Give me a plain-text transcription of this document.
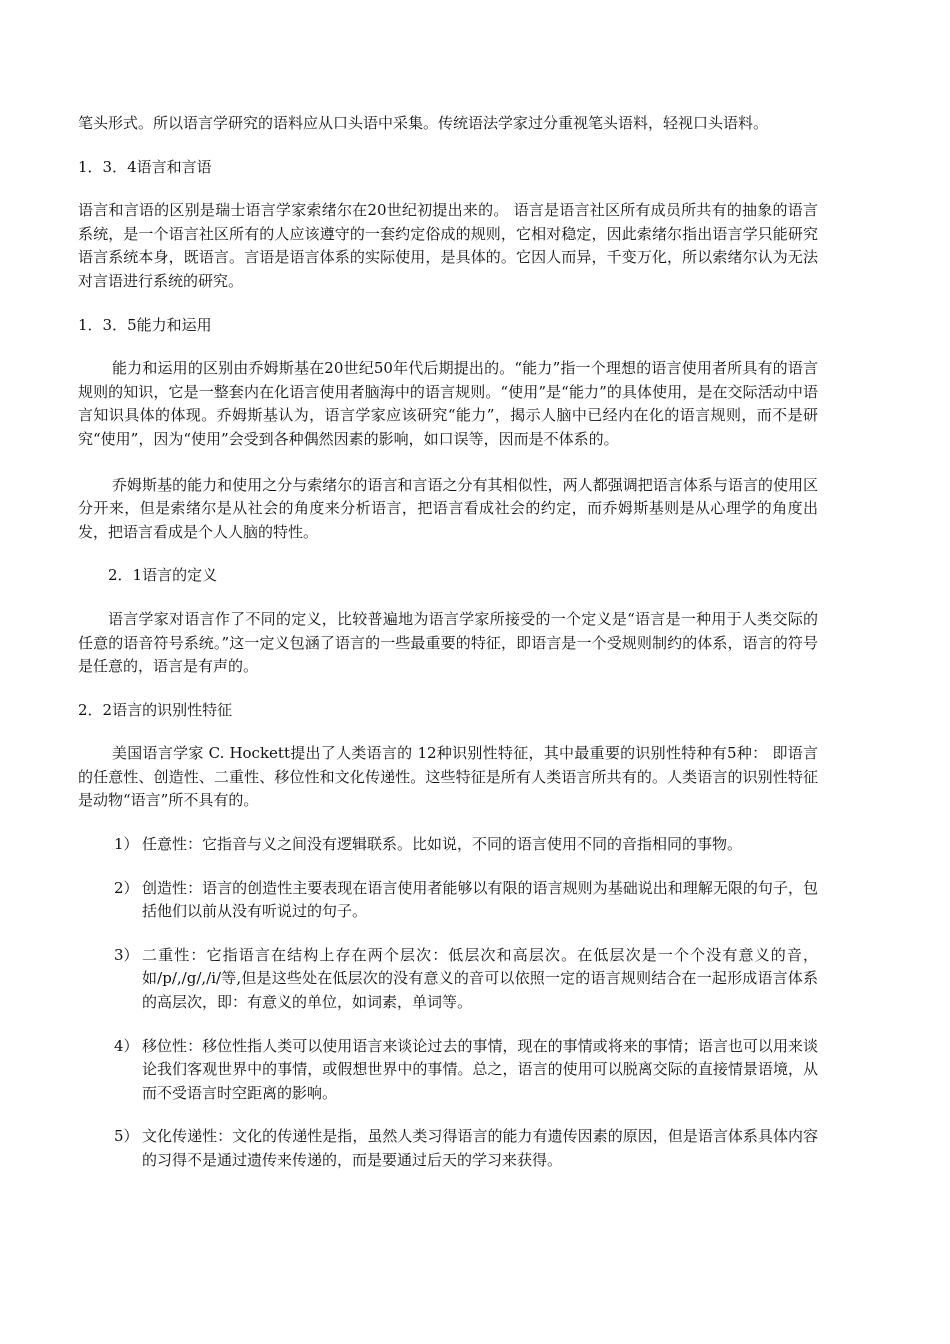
笔头形式。所以语言学研究的语料应从口头语中采集。传统语法学家过分重视笔头语料，轻视口头语料。

1．3．4语言和言语

语言和言语的区别是瑞士语言学家索绪尔在20世纪初提出来的。 语言是语言社区所有成员所共有的抽象的语言系统，是一个语言社区所有的人应该遵守的一套约定俗成的规则，它相对稳定，因此索绪尔指出语言学只能研究语言系统本身，既语言。言语是语言体系的实际使用，是具体的。它因人而异，千变万化，所以索绪尔认为无法对言语进行系统的研究。

1．3．5能力和运用

能力和运用的区别由乔姆斯基在20世纪50年代后期提出的。“能力”指一个理想的语言使用者所具有的语言规则的知识，它是一整套内在化语言使用者脑海中的语言规则。“使用”是“能力”的具体使用，是在交际活动中语言知识具体的体现。乔姆斯基认为，语言学家应该研究“能力”，揭示人脑中已经内在化的语言规则，而不是研究“使用”，因为“使用”会受到各种偶然因素的影响，如口误等，因而是不体系的。

乔姆斯基的能力和使用之分与索绪尔的语言和言语之分有其相似性，两人都强调把语言体系与语言的使用区分开来，但是索绪尔是从社会的角度来分析语言，把语言看成社会的约定，而乔姆斯基则是从心理学的角度出发，把语言看成是个人人脑的特性。

2．1语言的定义

语言学家对语言作了不同的定义，比较普遍地为语言学家所接受的一个定义是“语言是一种用于人类交际的任意的语音符号系统。”这一定义包涵了语言的一些最重要的特征，即语言是一个受规则制约的体系，语言的符号是任意的，语言是有声的。

2．2语言的识别性特征

美国语言学家 C. Hockett提出了人类语言的 12种识别性特征，其中最重要的识别性特种有5种： 即语言的任意性、创造性、二重性、移位性和文化传递性。这些特征是所有人类语言所共有的。人类语言的识别性特征是动物“语言”所不具有的。

1） 任意性：它指音与义之间没有逻辑联系。比如说，不同的语言使用不同的音指相同的事物。
2） 创造性：语言的创造性主要表现在语言使用者能够以有限的语言规则为基础说出和理解无限的句子，包括他们以前从没有听说过的句子。
3） 二重性：它指语言在结构上存在两个层次：低层次和高层次。在低层次是一个个没有意义的音，如/p/,/g/,/i/等,但是这些处在低层次的没有意义的音可以依照一定的语言规则结合在一起形成语言体系的高层次，即：有意义的单位，如词素，单词等。
4） 移位性：移位性指人类可以使用语言来谈论过去的事情，现在的事情或将来的事情；语言也可以用来谈论我们客观世界中的事情，或假想世界中的事情。总之，语言的使用可以脱离交际的直接情景语境，从而不受语言时空距离的影响。
5） 文化传递性：文化的传递性是指，虽然人类习得语言的能力有遗传因素的原因，但是语言体系具体内容的习得不是通过遗传来传递的，而是要通过后天的学习来获得。
